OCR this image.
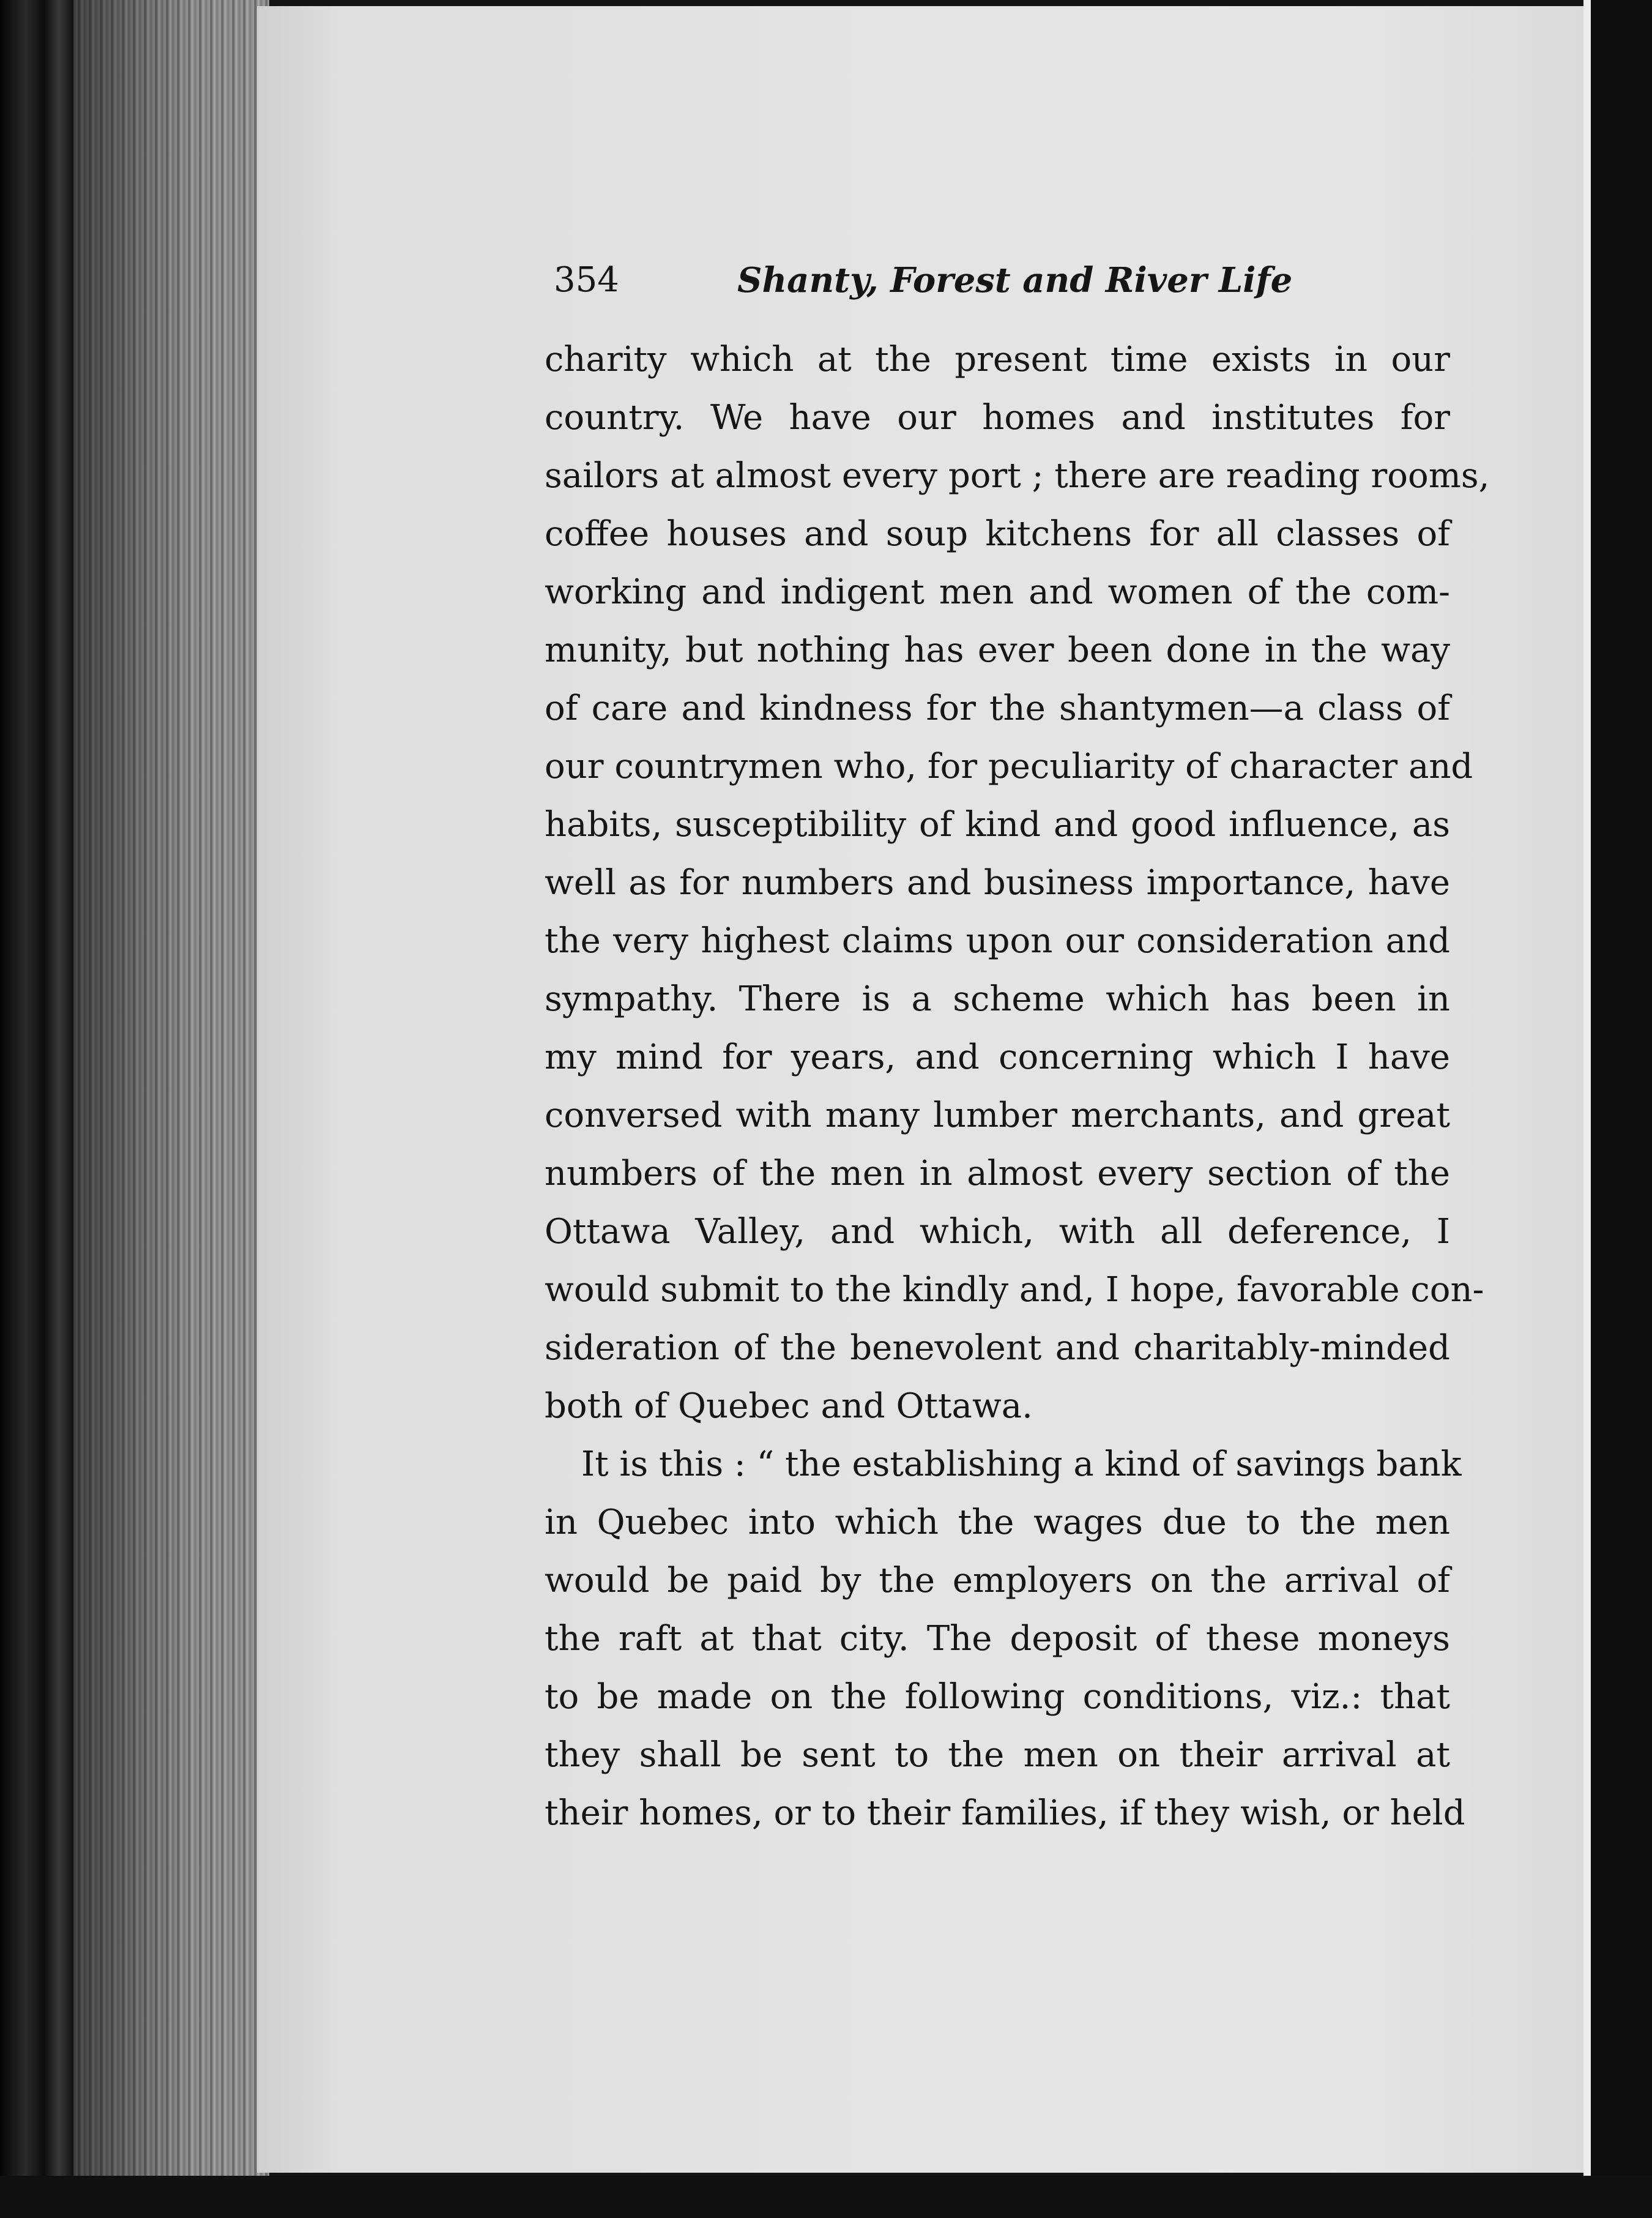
354	Shanty, Forest and River Life
charity which at the present time exists in our
country. We have our homes and institutes for
sailors at almost every port ; there are reading rooms,
coffee houses and soup kitchens for all classes of
working and indigent men and women of the com-
munity, but nothing has ever been done in the way
of care and kindness for the shantymen—a class of
our countrymen who, for peculiarity of character and
habits, susceptibility of kind and good influence, as
well as for numbers and business importance, have
the very highest claims upon our consideration and
sympathy. There is a scheme which has been in
my mind for years, and concerning which I have
conversed with many lumber merchants, and great
numbers of the men in almost every section of the
Ottawa Valley, and which, with all deference, I
would submit to the kindly and, I hope, favorable con-
sideration of the benevolent and charitably-minded
both of Quebec and Ottawa.
It is this : “ the establishing a kind of savings bank
in Quebec into which the wages due to the men
would be paid by the employers on the arrival of
the raft at that city. The deposit of these moneys
to be made on the following conditions, viz.: that
they shall be sent to the men on their arrival at
their homes, or to their families, if they wish, or held
